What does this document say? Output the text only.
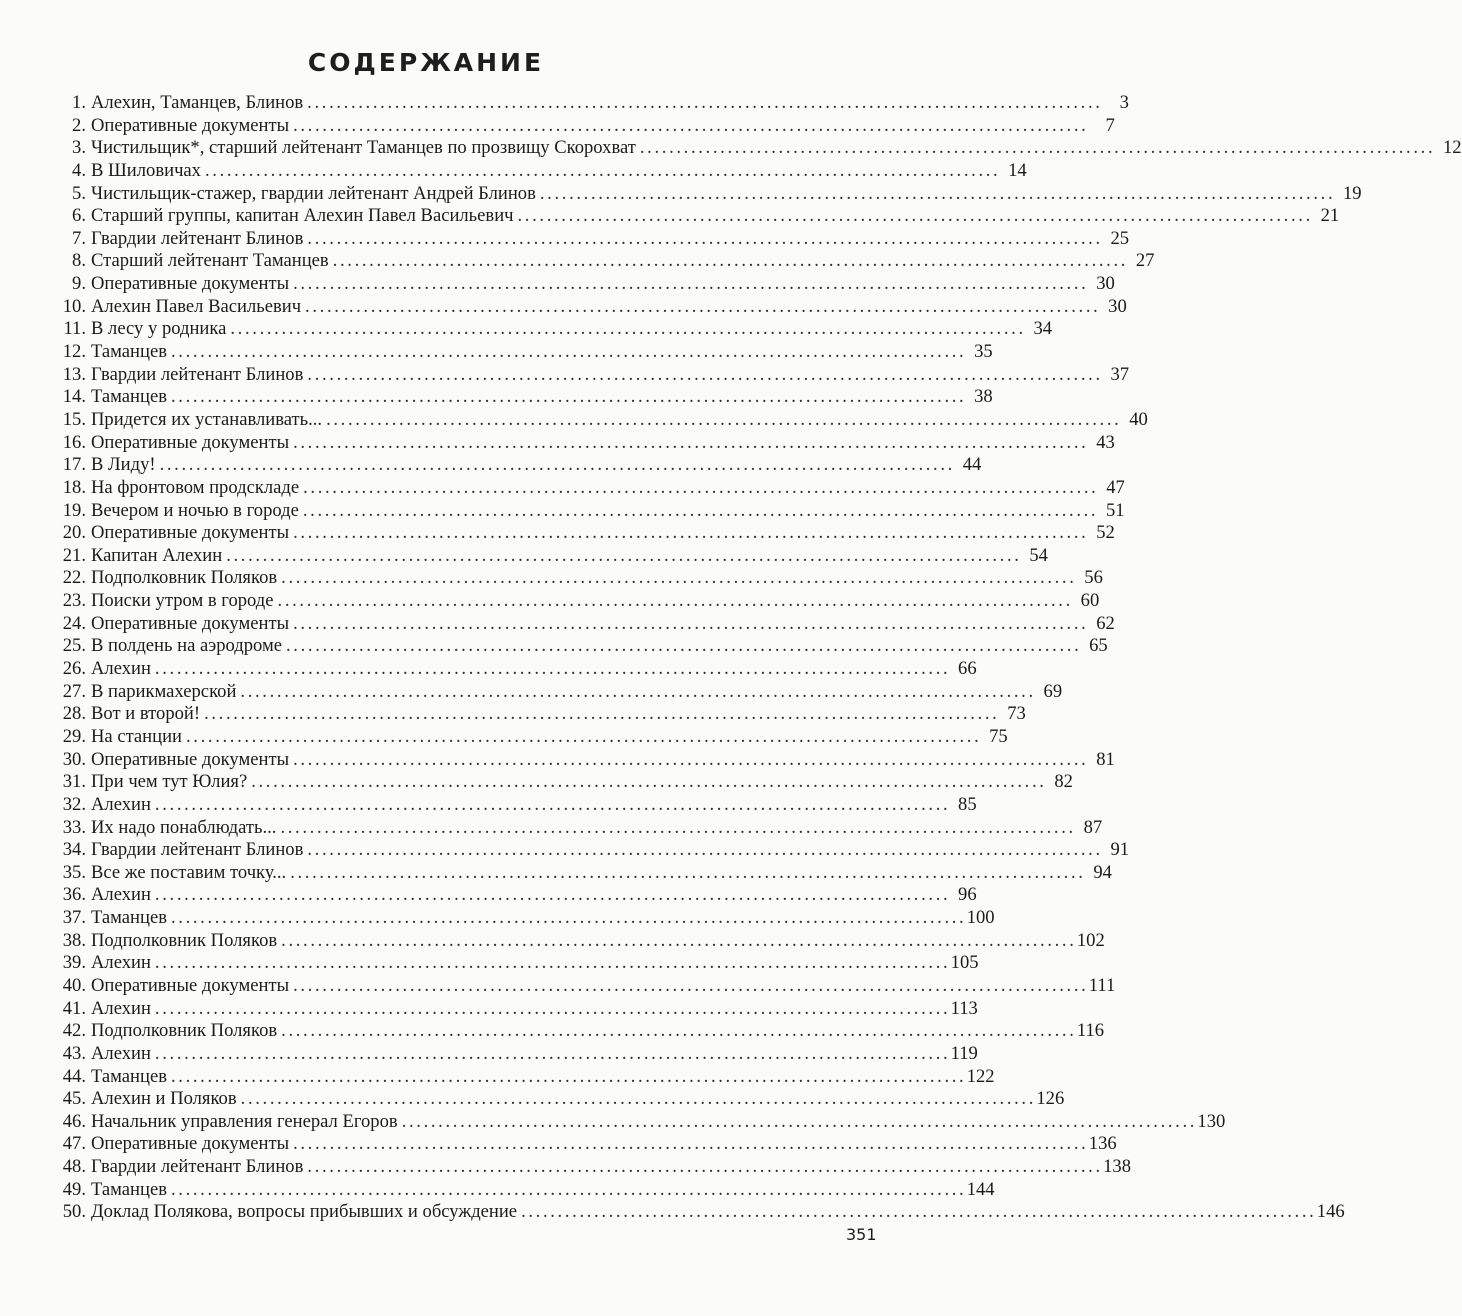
СОДЕРЖАНИЕ
1. Алехин, Таманцев, Блинов . . .	3
2. Оперативные документы . . .	7
3. Чистильщик*, старший лейтенант Таманцев по прозвищу Скорохват . . .	12
4. В Шиловичах . . .	14
5. Чистильщик-стажер, гвардии лейтенант Андрей Блинов . . .	19
6. Старший группы, капитан Алехин Павел Васильевич . . .	21
7. Гвардии лейтенант Блинов . . .	25
8. Старший лейтенант Таманцев . . .	27
9. Оперативные документы . . .	30
10. Алехин Павел Васильевич . . .	30
11. В лесу у родника . . .	34
12. Таманцев . . .	35
13. Гвардии лейтенант Блинов . . .	37
14. Таманцев . . .	38
15. Придется их устанавливать... . . .	40
16. Оперативные документы . . .	43
17. В Лиду! . . .	44
18. На фронтовом продскладе . . .	47
19. Вечером и ночью в городе . . .	51
20. Оперативные документы . . .	52
21. Капитан Алехин . . .	54
22. Подполковник Поляков . . .	56
23. Поиски утром в городе . . .	60
24. Оперативные документы . . .	62
25. В полдень на аэродроме . . .	65
26. Алехин . . .	66
27. В парикмахерской . . .	69
28. Вот и второй! . . .	73
29. На станции . . .	75
30. Оперативные документы . . .	81
31. При чем тут Юлия? . . .	82
32. Алехин . . .	85
33. Их надо понаблюдать... . . .	87
34. Гвардии лейтенант Блинов . . .	91
35. Все же поставим точку... . . .	94
36. Алехин . . .	96
37. Таманцев . . .	100
38. Подполковник Поляков . . .	102
39. Алехин . . .	105
40. Оперативные документы . . .	111
41. Алехин . . .	113
42. Подполковник Поляков . . .	116
43. Алехин . . .	119
44. Таманцев . . .	122
45. Алехин и Поляков . . .	126
46. Начальник управления генерал Егоров . . .	130
47. Оперативные документы . . .	136
48. Гвардии лейтенант Блинов . . .	138
49. Таманцев . . .	144
50. Доклад Полякова, вопросы прибывших и обсуждение . . .	146
351
